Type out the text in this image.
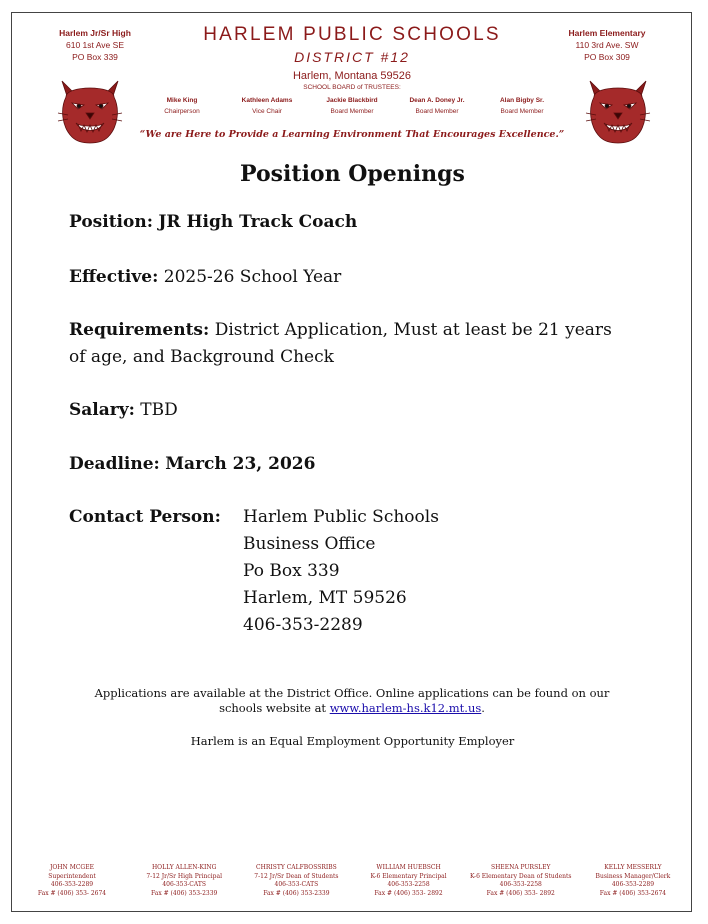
Harlem Jr/Sr High
610 1st Ave SE
PO Box 339
Harlem Elementary
110 3rd Ave. SW
PO Box 309
HARLEM PUBLIC SCHOOLS
DISTRICT #12
Harlem, Montana 59526
SCHOOL BOARD of TRUSTEES:
Mike King
Chairperson
Kathleen Adams
Vice Chair
Jackie Blackbird
Board Member
Dean A. Doney Jr.
Board Member
Alan Bigby Sr.
Board Member
“We are Here to Provide a Learning Environment That Encourages Excellence.”
Position Openings
Position: JR High Track Coach
Effective: 2025-26 School Year
Requirements: District Application, Must at least be 21 years
of age, and Background Check
Salary: TBD
Deadline: March 23, 2026
Contact Person: Harlem Public Schools
Business Office
Po Box 339
Harlem, MT 59526
406-353-2289
Applications are available at the District Office. Online applications can be found on our
schools website at www.harlem-hs.k12.mt.us.
Harlem is an Equal Employment Opportunity Employer
JOHN MCGEE
Superintendent
406-353-2289
Fax # (406) 353- 2674
HOLLY ALLEN-KING
7-12 Jr/Sr High Principal
406-353-CATS
Fax # (406) 353-2339
CHRISTY CALFBOSSRIBS
7-12 Jr/Sr Dean of Students
406-353-CATS
Fax # (406) 353-2339
WILLIAM HUEBSCH
K-6 Elementary Principal
406-353-2258
Fax # (406) 353- 2892
SHEENA PURSLEY
K-6 Elementary Dean of Students
406-353-2258
Fax # (406) 353- 2892
KELLY MESSERLY
Business Manager/Clerk
406-353-2289
Fax # (406) 353-2674
